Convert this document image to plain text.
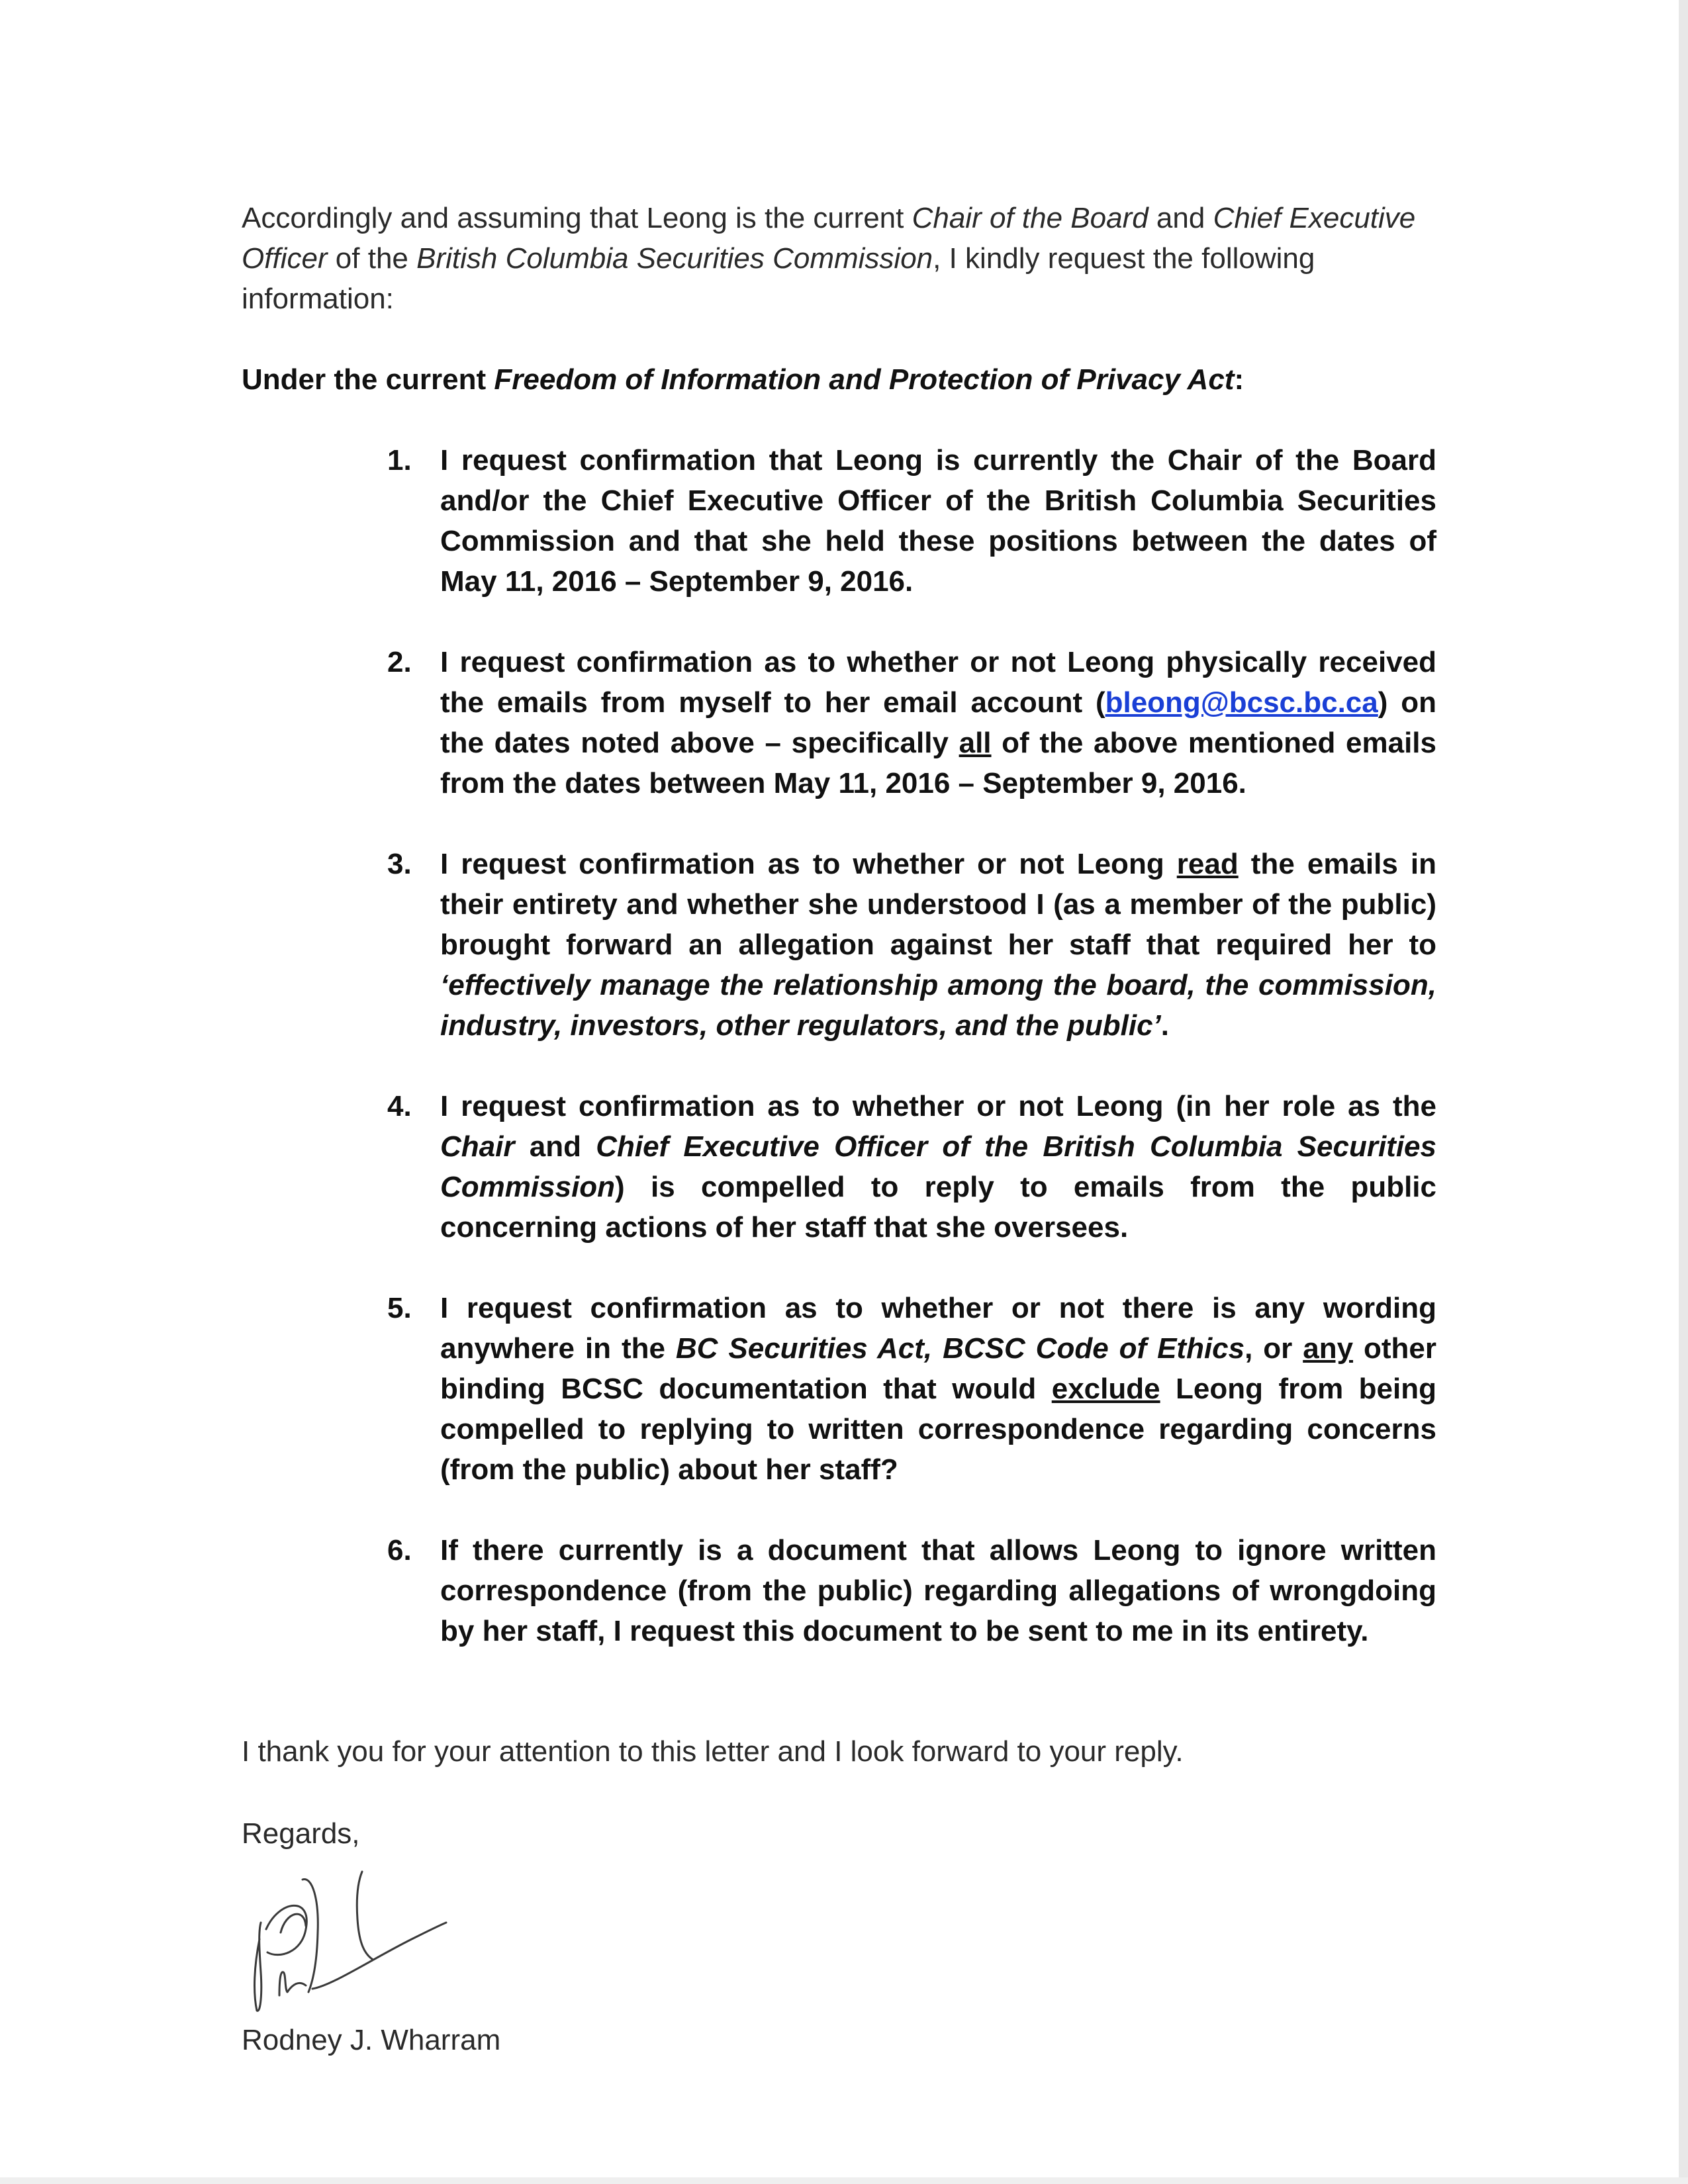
Accordingly and assuming that Leong is the current Chair of the Board and Chief Executive Officer of the British Columbia Securities Commission, I kindly request the following information:

Under the current Freedom of Information and Protection of Privacy Act:

1. I request confirmation that Leong is currently the Chair of the Board and/or the Chief Executive Officer of the British Columbia Securities Commission and that she held these positions between the dates of May 11, 2016 – September 9, 2016.
2. I request confirmation as to whether or not Leong physically received the emails from myself to her email account (bleong@bcsc.bc.ca) on the dates noted above – specifically all of the above mentioned emails from the dates between May 11, 2016 – September 9, 2016.
3. I request confirmation as to whether or not Leong read the emails in their entirety and whether she understood I (as a member of the public) brought forward an allegation against her staff that required her to ‘effectively manage the relationship among the board, the commission, industry, investors, other regulators, and the public’.
4. I request confirmation as to whether or not Leong (in her role as the Chair and Chief Executive Officer of the British Columbia Securities Commission) is compelled to reply to emails from the public concerning actions of her staff that she oversees.
5. I request confirmation as to whether or not there is any wording anywhere in the BC Securities Act, BCSC Code of Ethics, or any other binding BCSC documentation that would exclude Leong from being compelled to replying to written correspondence regarding concerns (from the public) about her staff?
6. If there currently is a document that allows Leong to ignore written correspondence (from the public) regarding allegations of wrongdoing by her staff, I request this document to be sent to me in its entirety.

I thank you for your attention to this letter and I look forward to your reply.

Regards,

Rodney J. Wharram
